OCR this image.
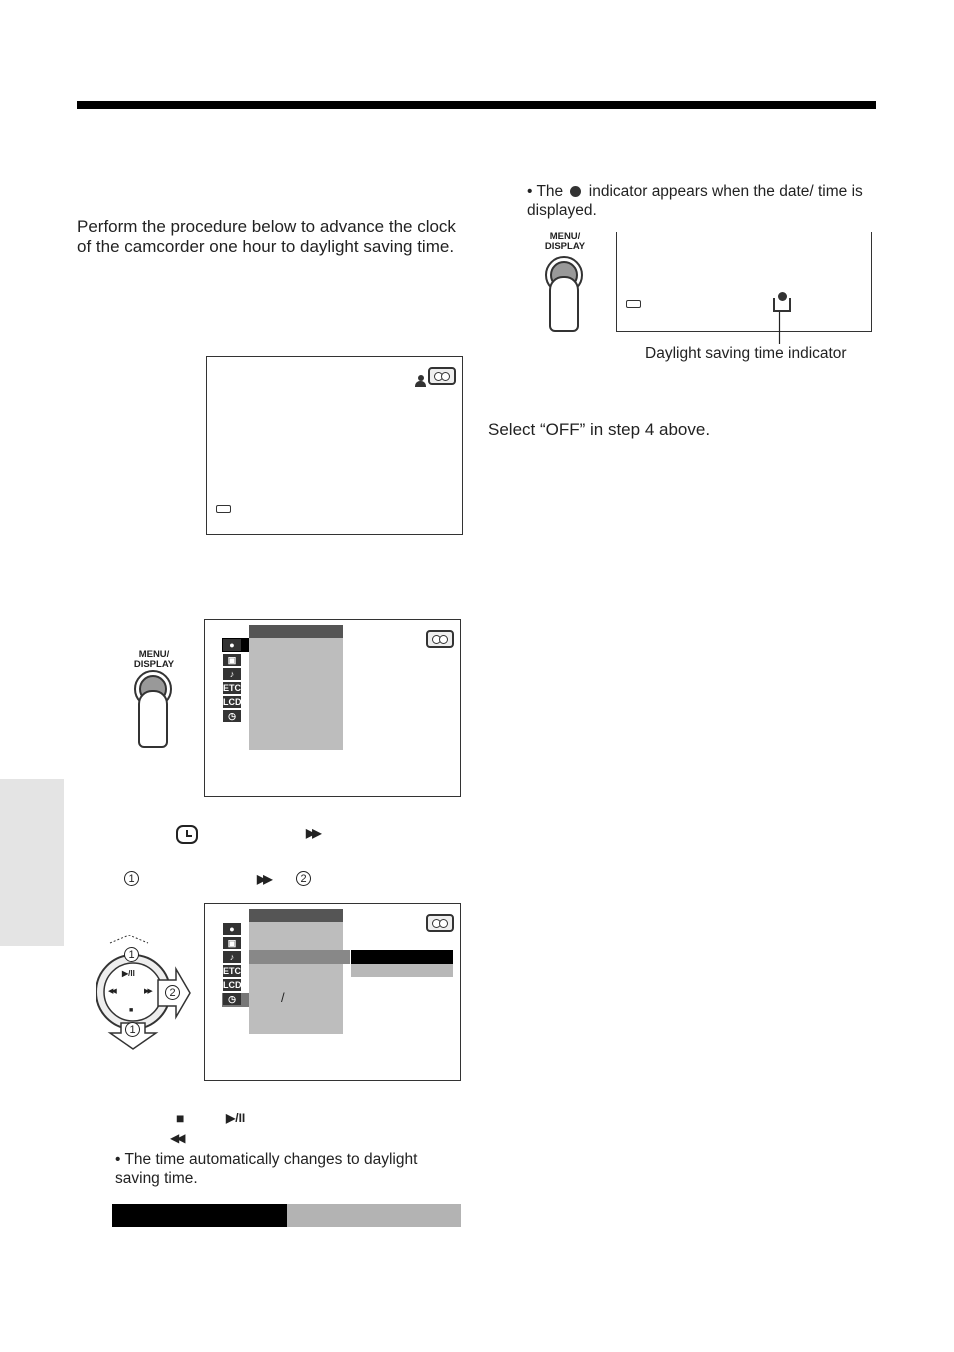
Perform the procedure below to advance the clock of the camcorder one hour to daylight saving time.
• The indicator appears when the date/ time is displayed.
MENU/
DISPLAY
Daylight saving time indicator
Select “OFF” in step 4 above.
MENU/
DISPLAY
●
▣
♪
ETC
LCD
◷
▶▶
1	▶▶	2
1
2
1
▶/II
◀◀	▶▶
■
●
▣
♪
ETC
LCD
◷	/
■	▶/II
◀◀
• The time automatically changes to daylight saving time.
